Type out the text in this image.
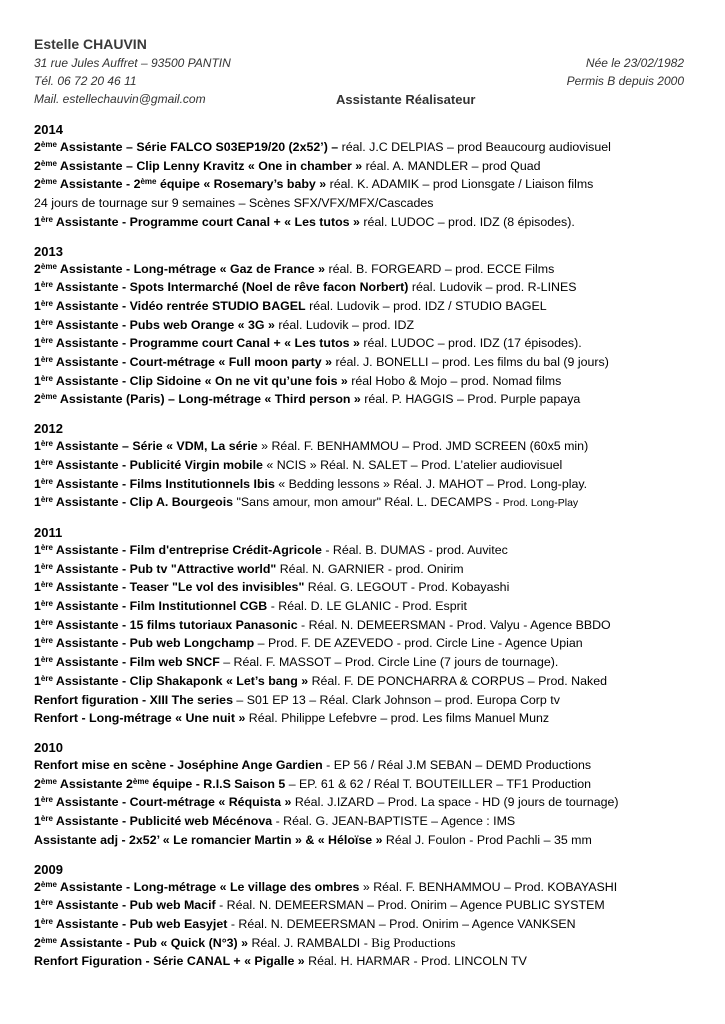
Estelle CHAUVIN
31 rue Jules Auffret – 93500 PANTIN	Née le 23/02/1982
Tél. 06 72 20 46 11	Permis B depuis 2000
Mail. estellechauvin@gmail.com	Assistante Réalisateur
2014
2ème Assistante – Série FALCO S03EP19/20 (2x52’) – réal. J.C DELPIAS – prod Beaucourg audiovisuel
2ème Assistante – Clip Lenny Kravitz « One in chamber » réal. A. MANDLER – prod Quad
2ème Assistante - 2ème équipe « Rosemary’s baby » réal. K. ADAMIK – prod Lionsgate / Liaison films
24 jours de tournage sur 9 semaines – Scènes SFX/VFX/MFX/Cascades
1ère Assistante - Programme court Canal + « Les tutos » réal. LUDOC – prod. IDZ (8 épisodes).
2013
2ème Assistante - Long-métrage « Gaz de France » réal. B. FORGEARD – prod. ECCE Films
1ère Assistante - Spots Intermarché (Noel de rêve facon Norbert) réal. Ludovik – prod. R-LINES
1ère Assistante - Vidéo rentrée STUDIO BAGEL réal. Ludovik – prod. IDZ / STUDIO BAGEL
1ère Assistante - Pubs web Orange « 3G » réal. Ludovik – prod. IDZ
1ère Assistante - Programme court Canal + « Les tutos » réal. LUDOC – prod. IDZ (17 épisodes).
1ère Assistante - Court-métrage « Full moon party » réal. J. BONELLI – prod. Les films du bal (9 jours)
1ère Assistante - Clip Sidoine « On ne vit qu’une fois » réal Hobo & Mojo – prod. Nomad films
2ème Assistante (Paris) – Long-métrage « Third person » réal. P. HAGGIS – Prod. Purple papaya
2012
1ère Assistante – Série « VDM, La série » Réal. F. BENHAMMOU – Prod. JMD SCREEN (60x5 min)
1ère Assistante - Publicité Virgin mobile « NCIS » Réal. N. SALET – Prod. L’atelier audiovisuel
1ère Assistante - Films Institutionnels Ibis « Bedding lessons » Réal. J. MAHOT – Prod. Long-play.
1ère Assistante - Clip A. Bourgeois "Sans amour, mon amour" Réal. L. DECAMPS - Prod. Long-Play
2011
1ère Assistante - Film d'entreprise Crédit-Agricole - Réal. B. DUMAS - prod. Auvitec
1ère Assistante - Pub tv "Attractive world" Réal. N. GARNIER - prod. Onirim
1ère Assistante - Teaser "Le vol des invisibles" Réal. G. LEGOUT - Prod. Kobayashi
1ère Assistante - Film Institutionnel CGB - Réal. D. LE GLANIC - Prod. Esprit
1ère Assistante - 15 films tutoriaux Panasonic - Réal. N. DEMEERSMAN - Prod. Valyu - Agence BBDO
1ère Assistante - Pub web Longchamp – Prod. F. DE AZEVEDO - prod. Circle Line - Agence Upian
1ère Assistante - Film web SNCF – Réal. F. MASSOT – Prod. Circle Line (7 jours de tournage).
1ère Assistante - Clip Shakaponk « Let’s bang » Réal. F. DE PONCHARRA & CORPUS – Prod. Naked
Renfort figuration - XIII The series – S01 EP 13 – Réal. Clark Johnson – prod. Europa Corp tv
Renfort - Long-métrage « Une nuit » Réal. Philippe Lefebvre – prod. Les films Manuel Munz
2010
Renfort mise en scène - Joséphine Ange Gardien - EP 56 / Réal J.M SEBAN – DEMD Productions
2ème Assistante 2ème équipe - R.I.S Saison 5 – EP. 61 & 62 / Réal T. BOUTEILLER – TF1 Production
1ère Assistante - Court-métrage « Réquista » Réal. J.IZARD – Prod. La space - HD (9 jours de tournage)
1ère Assistante - Publicité web Mécénova - Réal. G. JEAN-BAPTISTE – Agence : IMS
Assistante adj - 2x52’ « Le romancier Martin » & « Héloïse » Réal J. Foulon - Prod Pachli – 35 mm
2009
2ème Assistante - Long-métrage « Le village des ombres » Réal. F. BENHAMMOU – Prod. KOBAYASHI
1ère Assistante - Pub web Macif - Réal. N. DEMEERSMAN – Prod. Onirim – Agence PUBLIC SYSTEM
1ère Assistante - Pub web Easyjet - Réal. N. DEMEERSMAN – Prod. Onirim – Agence VANKSEN
2ème Assistante - Pub « Quick (N°3) » Réal. J. RAMBALDI - Big Productions
Renfort Figuration - Série CANAL + « Pigalle » Réal. H. HARMAR - Prod. LINCOLN TV
